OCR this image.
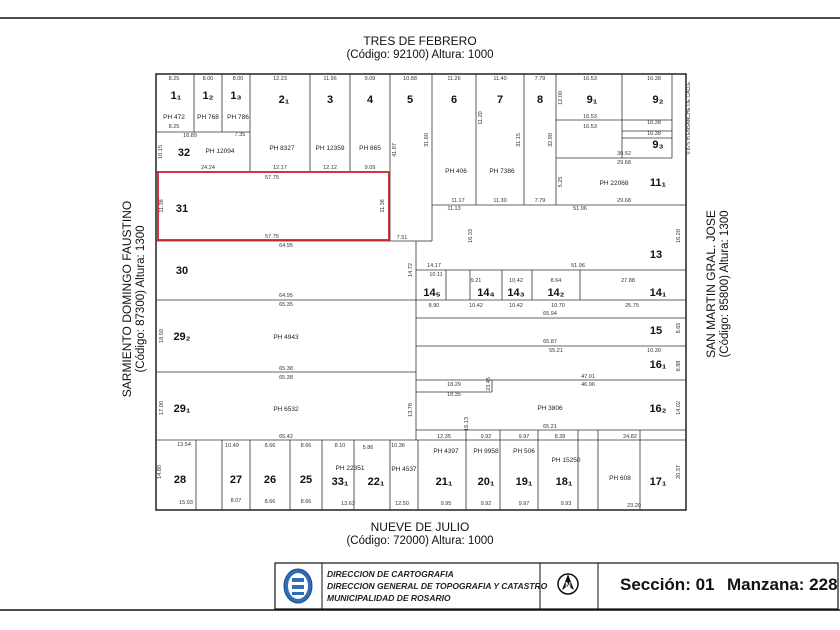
1₁ 1₂ 1₃	2₁	3	4	5	6	7	8	9₁	9₂
9₃
32
11₁
31
13
30
14₅	14₄ 14₃ 14₂	14₁
29₂	15
16₁
29₁	16₂
28	27 26 25 33₁ 22₁	21₁ 20₁ 19₁ 18₁	17₁
PH 472 PH 768 PH 786
PH 8327	PH 12359 PH 865
PH 12094
PH 406	PH 7386
PH 22068
PH 4943
PH 6532	PH 3806
PH 4397 PH 9958 PH 506
PH 15250
PH 608
PH 22351	PH 4537
8.25	8.00	8.00	12.23	11.96	9.09	10.88	11.26	11.40	7.79	16.53	16.38
8.25
16.89	7.35
24.24	12.17	12.12	9.09
16.53
16.53
16.38
16.38
30.52
29.68
29.68
57.75
57.75
64.95
7.51
51.96
51.96
64.95
65.35
65.38
65.38
65.42
27.88
25.75
65.94
65.87
55.21	10.30
47.01
46.96
18.29
18.35
65.21
12.35	9.92	9.97	8.28	24.82
13.54	10.49	8.66	8.66	8.10	5.86	10.36
15.93	8.07	8.66	8.66	13.63	12.50	9.95	9.92	9.97	9.93	23.20
11.17	11.30	7.79
11.13
14.17
10.11
9.21	10.42	8.64
8.90	10.42	10.42	10.70
11.38	11.38
18.50
17.00
14.72
13.78
14.80	20.37
14.02
16.33	16.20
8.65
8.88
31.60	32.90
31.15
41.87
12.00
11.20
10.15
16.13
23.45
5.25
0.875 m ENSANCHE DE CALLE
N
TRES DE FEBRERO
(Código: 92100) Altura: 1000
NUEVE DE JULIO
(Código: 72000) Altura: 1000
SARMIENTO DOMINGO FAUSTINO (Código: 87300) Altura: 1300	SAN MARTIN GRAL. JOSE (Código: 85800) Altura: 1300
DIRECCION DE CARTOGRAFIA
DIRECCION GENERAL DE TOPOGRAFIA Y CATASTRO
MUNICIPALIDAD DE ROSARIO
Sección: 01 Manzana: 228
